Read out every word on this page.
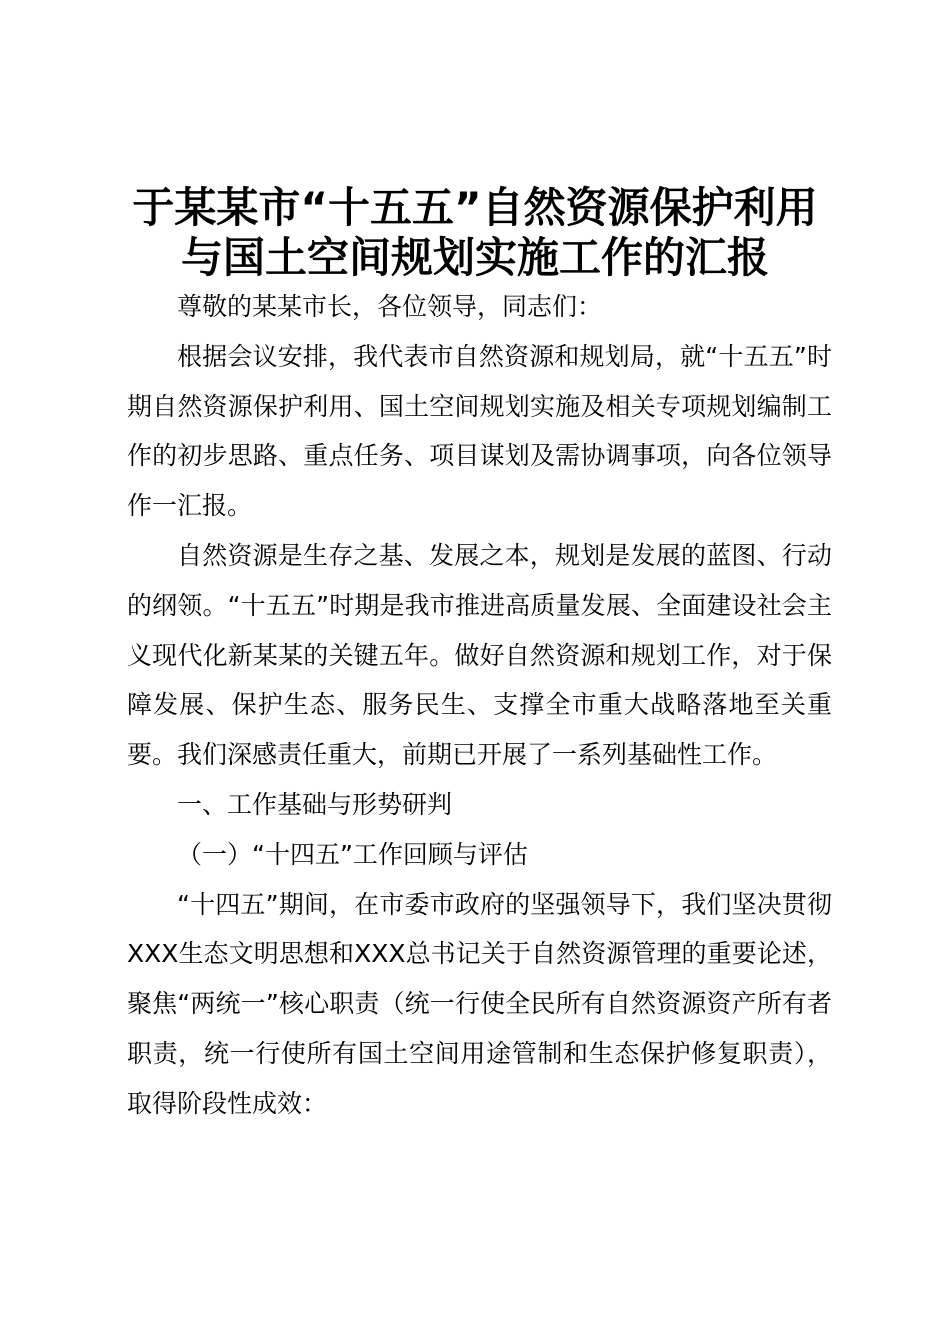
于某某市“十五五”自然资源保护利用
与国土空间规划实施工作的汇报

尊敬的某某市长，各位领导，同志们：

根据会议安排，我代表市自然资源和规划局，就“十五五”时期自然资源保护利用、国土空间规划实施及相关专项规划编制工作的初步思路、重点任务、项目谋划及需协调事项，向各位领导作一汇报。

自然资源是生存之基、发展之本，规划是发展的蓝图、行动的纲领。“十五五”时期是我市推进高质量发展、全面建设社会主义现代化新某某的关键五年。做好自然资源和规划工作，对于保障发展、保护生态、服务民生、支撑全市重大战略落地至关重要。我们深感责任重大，前期已开展了一系列基础性工作。

一、工作基础与形势研判

（一）“十四五”工作回顾与评估

“十四五”期间，在市委市政府的坚强领导下，我们坚决贯彻XXX生态文明思想和XXX总书记关于自然资源管理的重要论述，聚焦“两统一”核心职责（统一行使全民所有自然资源资产所有者职责，统一行使所有国土空间用途管制和生态保护修复职责），取得阶段性成效：
